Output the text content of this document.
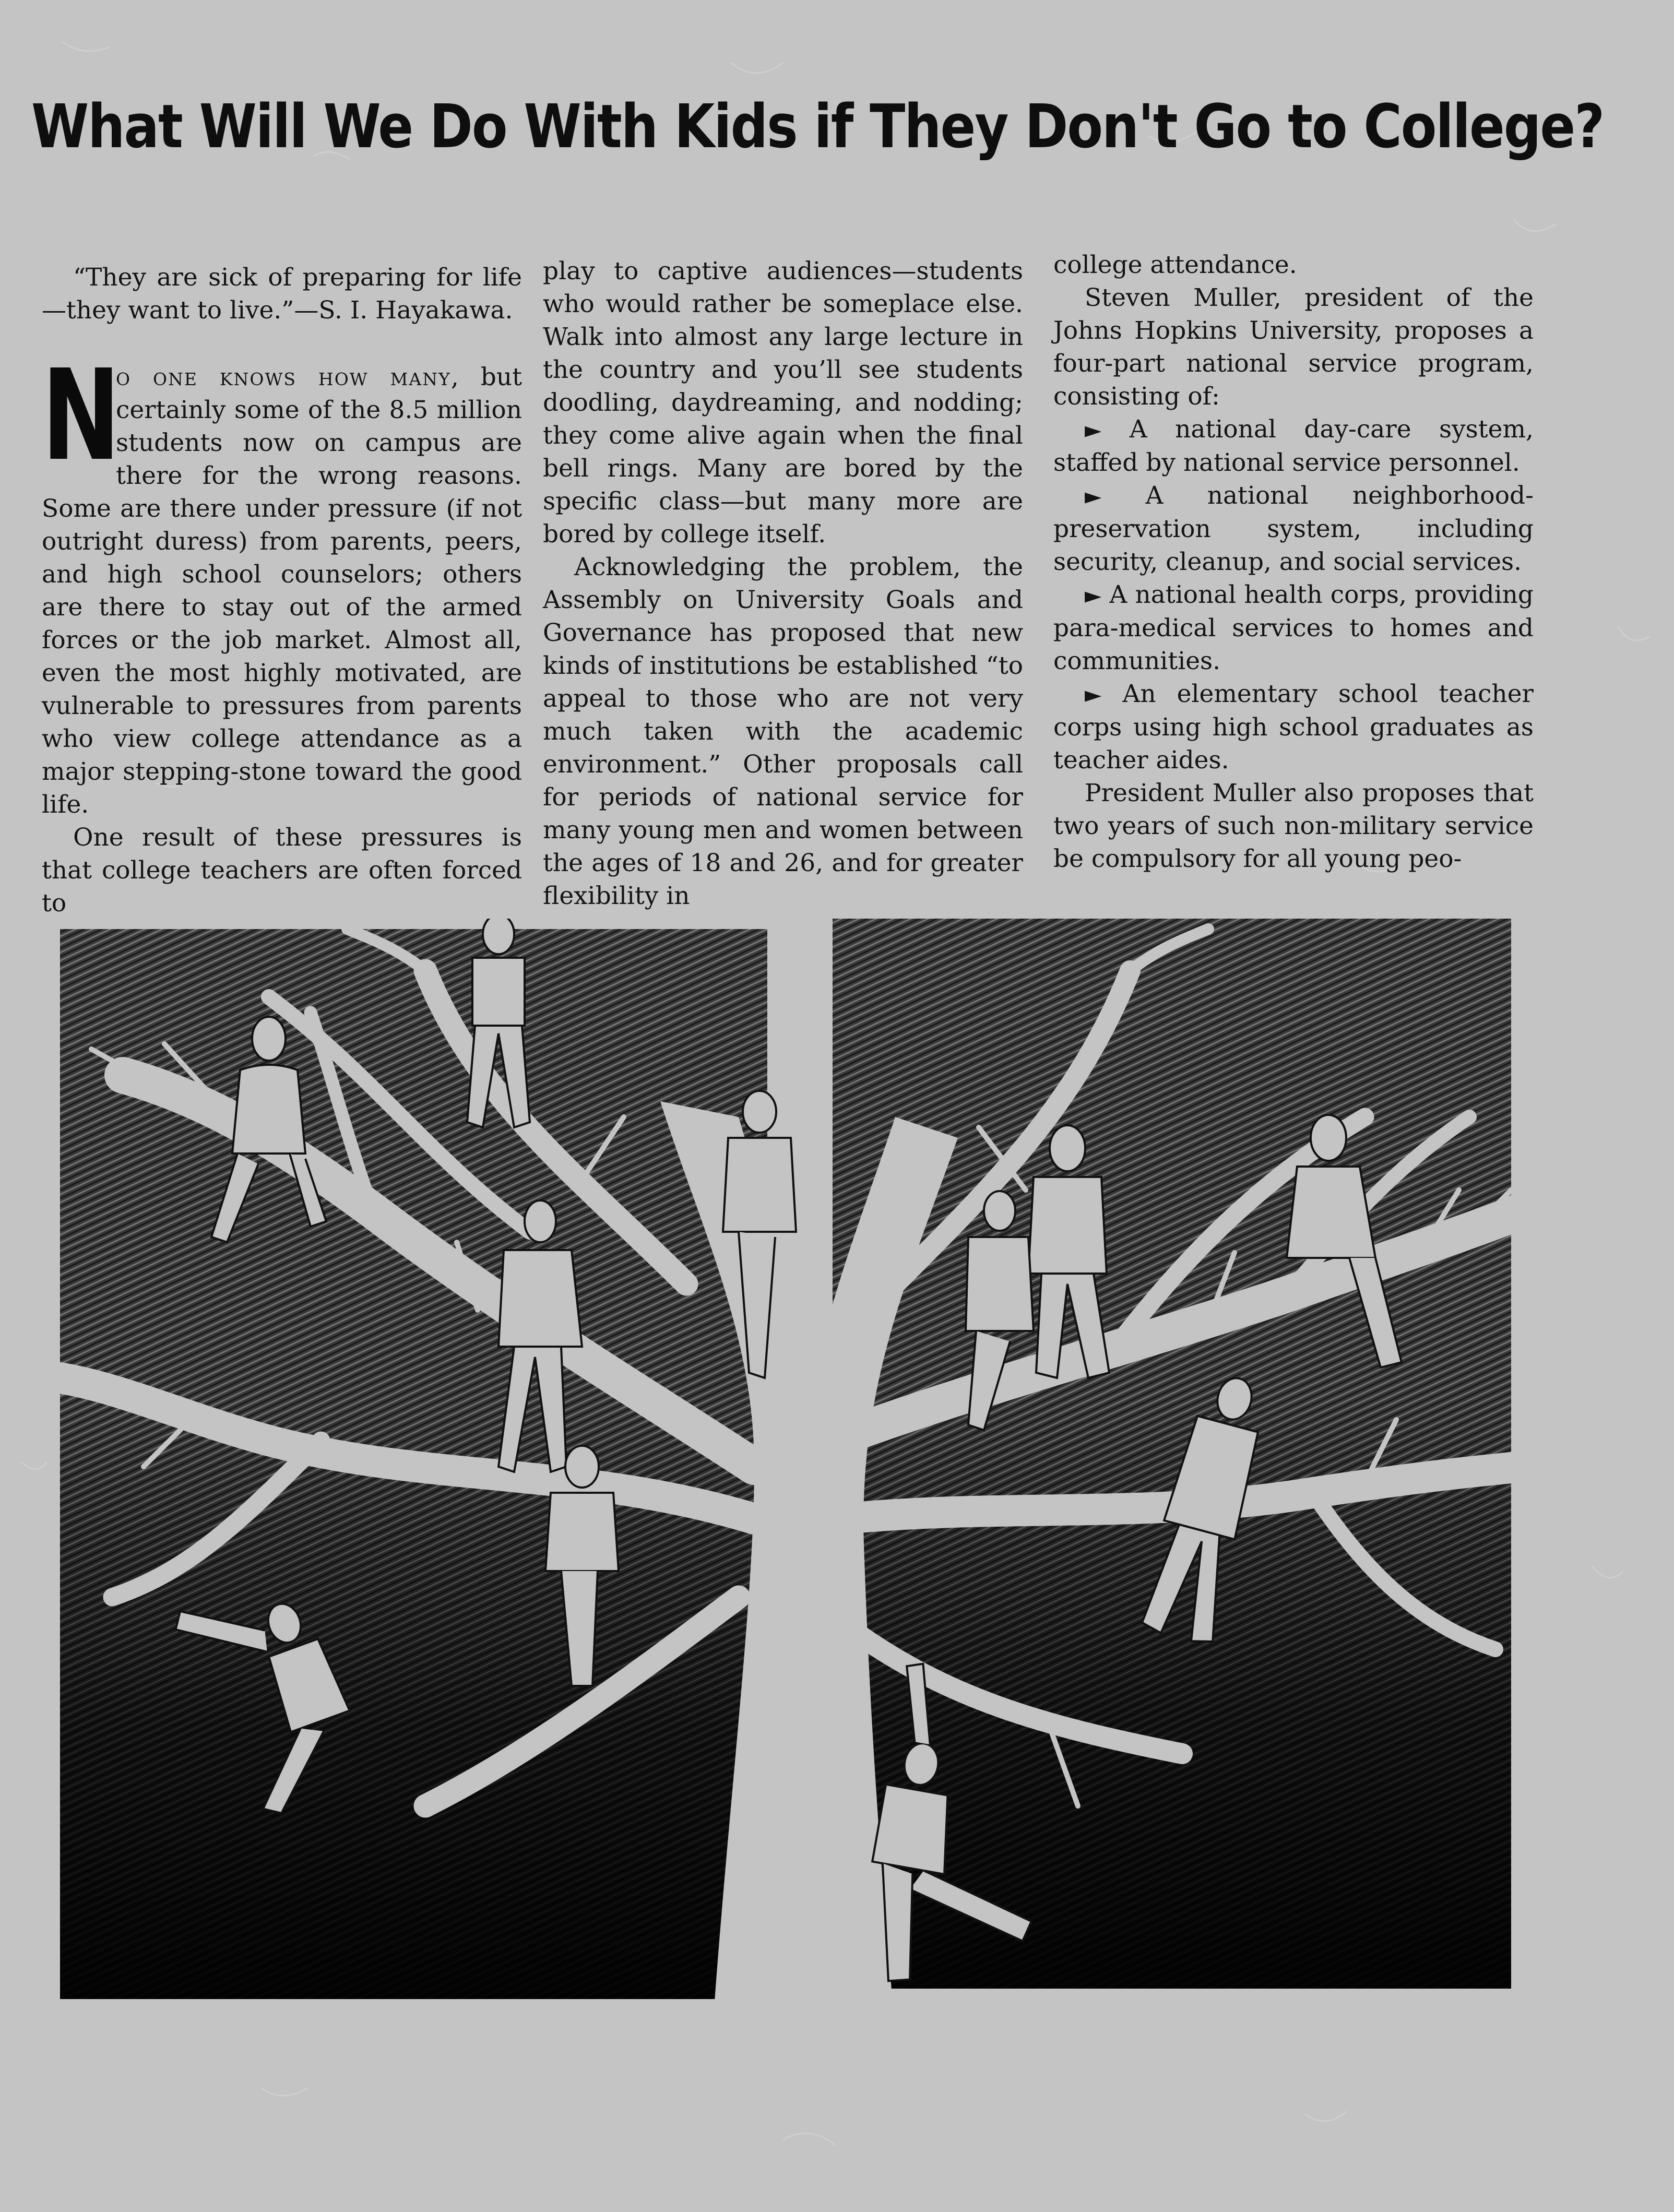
What Will We Do With Kids if They Don't Go to College?

“They are sick of preparing for life—they want to live.”—S. I. Hayakawa.

N
o one knows how many, but certainly some of the 8.5 million students now on campus are there for the wrong reasons. Some are there under pressure (if not outright duress) from parents, peers, and high school counselors; others are there to stay out of the armed forces or the job market. Almost all, even the most highly motivated, are vulnerable to pressures from parents who view college attendance as a major stepping-stone toward the good life.

One result of these pressures is that college teachers are often forced to

play to captive audiences—students who would rather be someplace else. Walk into almost any large lecture in the country and you’ll see students doodling, daydreaming, and nodding; they come alive again when the final bell rings. Many are bored by the specific class—but many more are bored by college itself.

Acknowledging the problem, the Assembly on University Goals and Governance has proposed that new kinds of institutions be established “to appeal to those who are not very much taken with the academic environment.” Other proposals call for periods of national service for many young men and women between the ages of 18 and 26, and for greater flexibility in

college attendance.

Steven Muller, president of the Johns Hopkins University, proposes a four-part national service program, consisting of:

► A national day-care system, staffed by national service personnel.

► A national neighborhood-preservation system, including security, cleanup, and social services.

► A national health corps, providing para-medical services to homes and communities.

► An elementary school teacher corps using high school graduates as teacher aides.

President Muller also proposes that two years of such non-military service be compulsory for all young peo-
